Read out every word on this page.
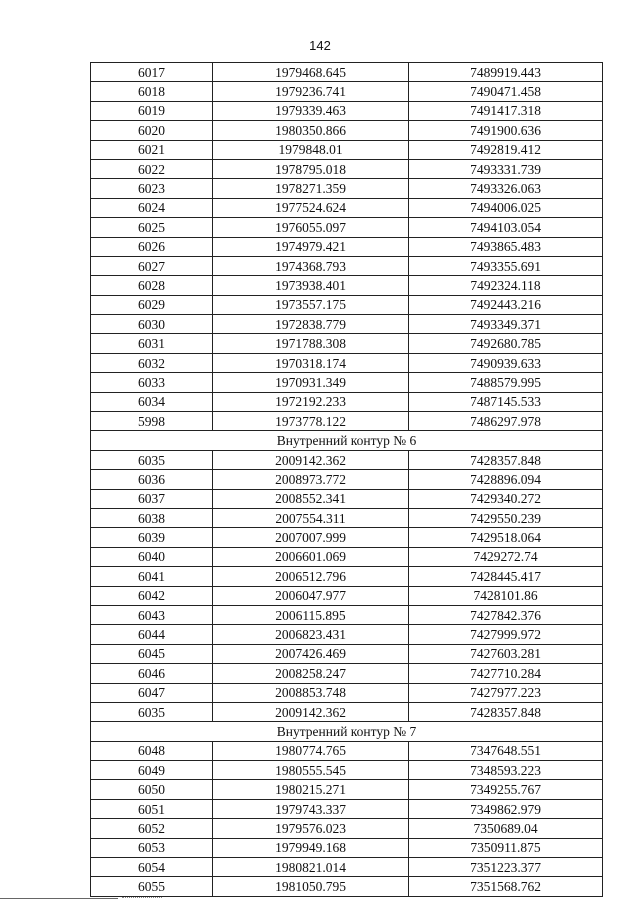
142
6017	1979468.645	7489919.443
6018	1979236.741	7490471.458
6019	1979339.463	7491417.318
6020	1980350.866	7491900.636
6021	1979848.01	7492819.412
6022	1978795.018	7493331.739
6023	1978271.359	7493326.063
6024	1977524.624	7494006.025
6025	1976055.097	7494103.054
6026	1974979.421	7493865.483
6027	1974368.793	7493355.691
6028	1973938.401	7492324.118
6029	1973557.175	7492443.216
6030	1972838.779	7493349.371
6031	1971788.308	7492680.785
6032	1970318.174	7490939.633
6033	1970931.349	7488579.995
6034	1972192.233	7487145.533
5998	1973778.122	7486297.978
Внутренний контур № 6		
6035	2009142.362	7428357.848
6036	2008973.772	7428896.094
6037	2008552.341	7429340.272
6038	2007554.311	7429550.239
6039	2007007.999	7429518.064
6040	2006601.069	7429272.74
6041	2006512.796	7428445.417
6042	2006047.977	7428101.86
6043	2006115.895	7427842.376
6044	2006823.431	7427999.972
6045	2007426.469	7427603.281
6046	2008258.247	7427710.284
6047	2008853.748	7427977.223
6035	2009142.362	7428357.848
Внутренний контур № 7		
6048	1980774.765	7347648.551
6049	1980555.545	7348593.223
6050	1980215.271	7349255.767
6051	1979743.337	7349862.979
6052	1979576.023	7350689.04
6053	1979949.168	7350911.875
6054	1980821.014	7351223.377
6055	1981050.795	7351568.762
